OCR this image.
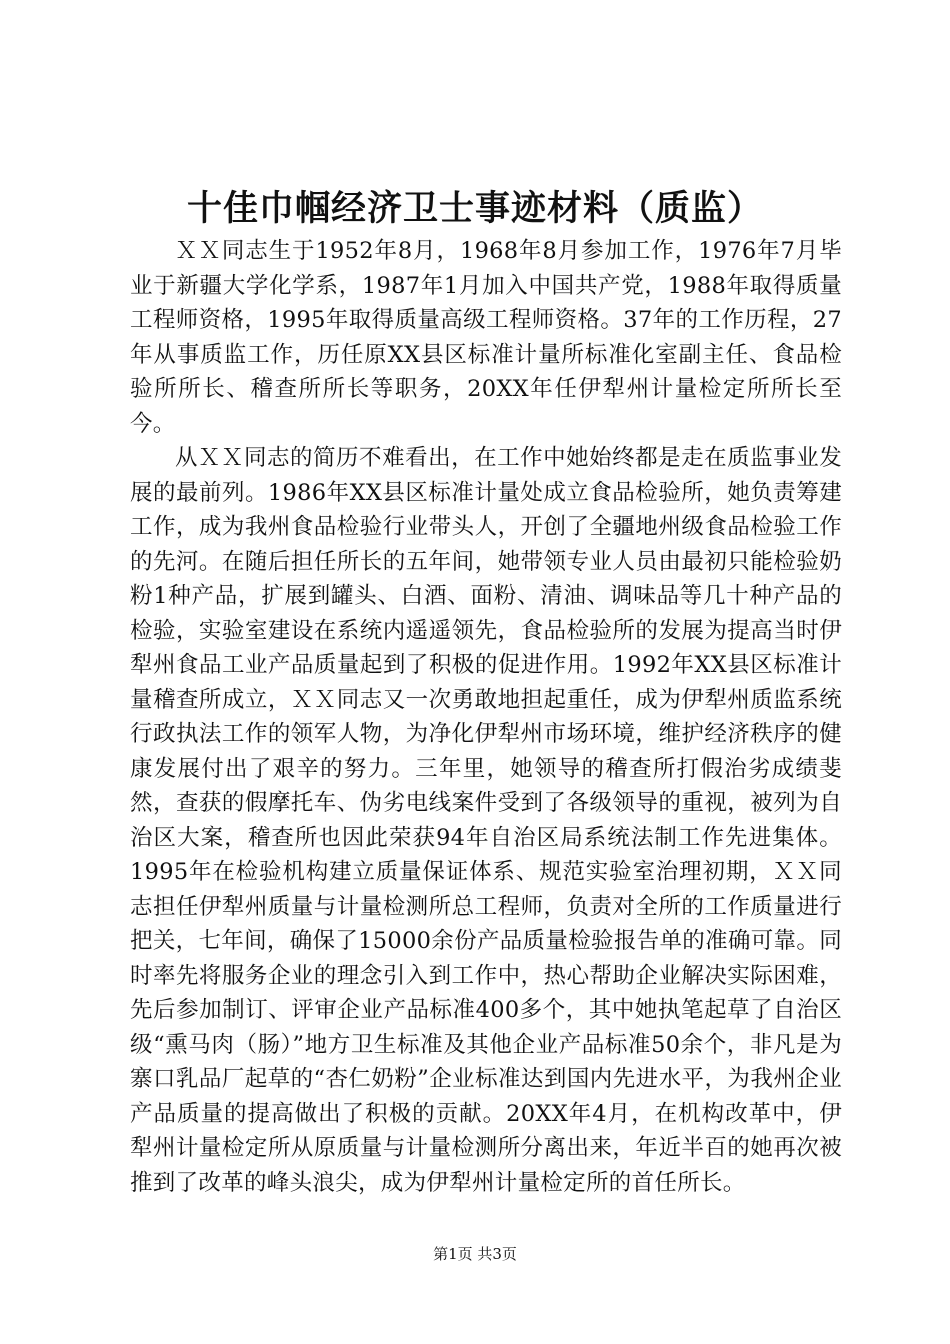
十佳巾帼经济卫士事迹材料（质监）

ＸＸ同志生于1952年8月，1968年8月参加工作，1976年7月毕业于新疆大学化学系，1987年1月加入中国共产党，1988年取得质量工程师资格，1995年取得质量高级工程师资格。37年的工作历程，27年从事质监工作，历任原XX县区标准计量所标准化室副主任、食品检验所所长、稽查所所长等职务，20XX年任伊犁州计量检定所所长至今。

从ＸＸ同志的简历不难看出，在工作中她始终都是走在质监事业发展的最前列。1986年XX县区标准计量处成立食品检验所，她负责筹建工作，成为我州食品检验行业带头人，开创了全疆地州级食品检验工作的先河。在随后担任所长的五年间，她带领专业人员由最初只能检验奶粉1种产品，扩展到罐头、白酒、面粉、清油、调味品等几十种产品的检验，实验室建设在系统内遥遥领先，食品检验所的发展为提高当时伊犁州食品工业产品质量起到了积极的促进作用。1992年XX县区标准计量稽查所成立，ＸＸ同志又一次勇敢地担起重任，成为伊犁州质监系统行政执法工作的领军人物，为净化伊犁州市场环境，维护经济秩序的健康发展付出了艰辛的努力。三年里，她领导的稽查所打假治劣成绩斐然，查获的假摩托车、伪劣电线案件受到了各级领导的重视，被列为自治区大案，稽查所也因此荣获94年自治区局系统法制工作先进集体。1995年在检验机构建立质量保证体系、规范实验室治理初期，ＸＸ同志担任伊犁州质量与计量检测所总工程师，负责对全所的工作质量进行把关，七年间，确保了15000余份产品质量检验报告单的准确可靠。同时率先将服务企业的理念引入到工作中，热心帮助企业解决实际困难，先后参加制订、评审企业产品标准400多个，其中她执笔起草了自治区级“熏马肉（肠）”地方卫生标准及其他企业产品标准50余个，非凡是为寨口乳品厂起草的“杏仁奶粉”企业标准达到国内先进水平，为我州企业产品质量的提高做出了积极的贡献。20XX年4月，在机构改革中，伊犁州计量检定所从原质量与计量检测所分离出来，年近半百的她再次被推到了改革的峰头浪尖，成为伊犁州计量检定所的首任所长。

第1页 共3页
